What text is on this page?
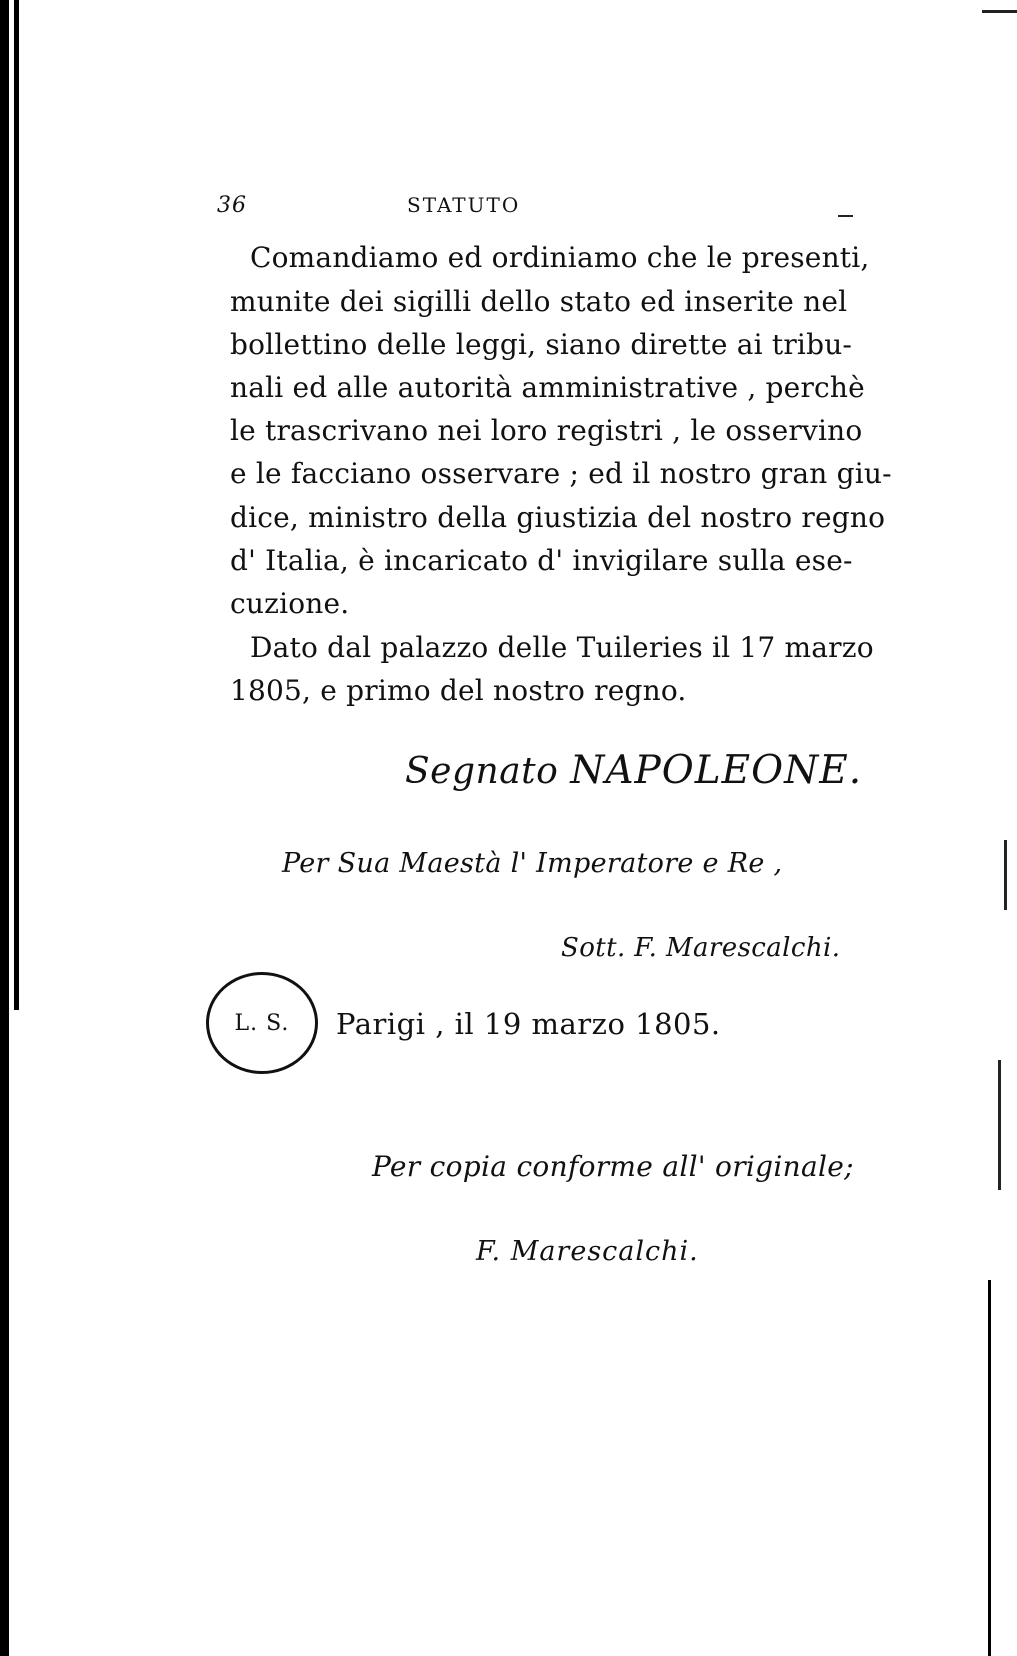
36	STATUTO
Comandiamo ed ordiniamo che le presenti,
munite dei sigilli dello stato ed inserite nel
bollettino delle leggi, siano dirette ai tribu-
nali ed alle autorità amministrative , perchè
le trascrivano nei loro registri , le osservino
e le facciano osservare ; ed il nostro gran giu-
dice, ministro della giustizia del nostro regno
d' Italia, è incaricato d' invigilare sulla ese-
cuzione.
Dato dal palazzo delle Tuileries il 17 marzo
1805, e primo del nostro regno.
Segnato NAPOLEONE.
Per Sua Maestà l' Imperatore e Re ,
Sott. F. Marescalchi.
L. S. Parigi , il 19 marzo 1805.
Per copia conforme all' originale;
F. Marescalchi.
